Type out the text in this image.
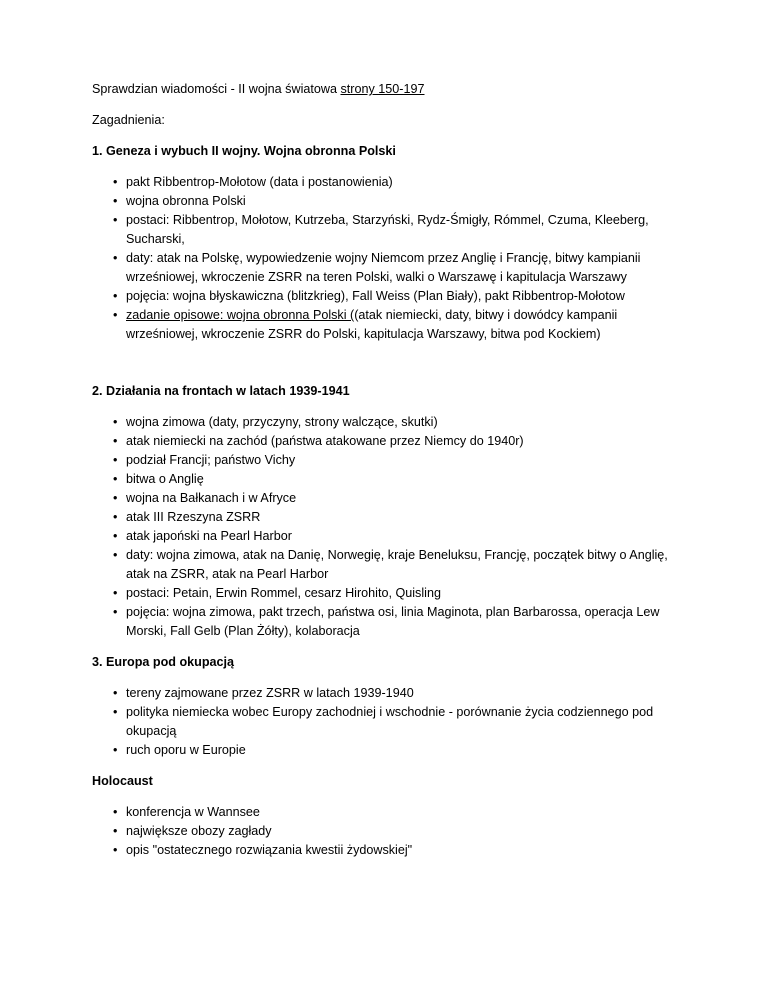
Sprawdzian wiadomości - II wojna światowa strony 150-197

Zagadnienia:

1. Geneza i wybuch II wojny. Wojna obronna Polski
• pakt Ribbentrop-Mołotow (data i postanowienia)
• wojna obronna Polski
• postaci: Ribbentrop, Mołotow, Kutrzeba, Starzyński, Rydz-Śmigły, Rómmel, Czuma, Kleeberg, Sucharski,
• daty: atak na Polskę, wypowiedzenie wojny Niemcom przez Anglię i Francję, bitwy kampianii wrześniowej, wkroczenie ZSRR na teren Polski, walki o Warszawę i kapitulacja Warszawy
• pojęcia: wojna błyskawiczna (blitzkrieg), Fall Weiss (Plan Biały), pakt Ribbentrop-Mołotow
• zadanie opisowe: wojna obronna Polski ((atak niemiecki, daty, bitwy i dowódcy kampanii wrześniowej, wkroczenie ZSRR do Polski, kapitulacja Warszawy, bitwa pod Kockiem)
2. Działania na frontach w latach 1939-1941
• wojna zimowa (daty, przyczyny, strony walczące, skutki)
• atak niemiecki na zachód (państwa atakowane przez Niemcy do 1940r)
• podział Francji; państwo Vichy
• bitwa o Anglię
• wojna na Bałkanach i w Afryce
• atak III Rzeszyna ZSRR
• atak japoński na Pearl Harbor
• daty: wojna zimowa, atak na Danię, Norwegię, kraje Beneluksu, Francję, początek bitwy o Anglię, atak na ZSRR, atak na Pearl Harbor
• postaci: Petain, Erwin Rommel, cesarz Hirohito, Quisling
• pojęcia: wojna zimowa, pakt trzech, państwa osi, linia Maginota, plan Barbarossa, operacja Lew Morski, Fall Gelb (Plan Żółty), kolaboracja
3. Europa pod okupacją
• tereny zajmowane przez ZSRR w latach 1939-1940
• polityka niemiecka wobec Europy zachodniej i wschodnie - porównanie życia codziennego pod okupacją
• ruch oporu w Europie
Holocaust
• konferencja w Wannsee
• największe obozy zagłady
• opis "ostatecznego rozwiązania kwestii żydowskiej"
